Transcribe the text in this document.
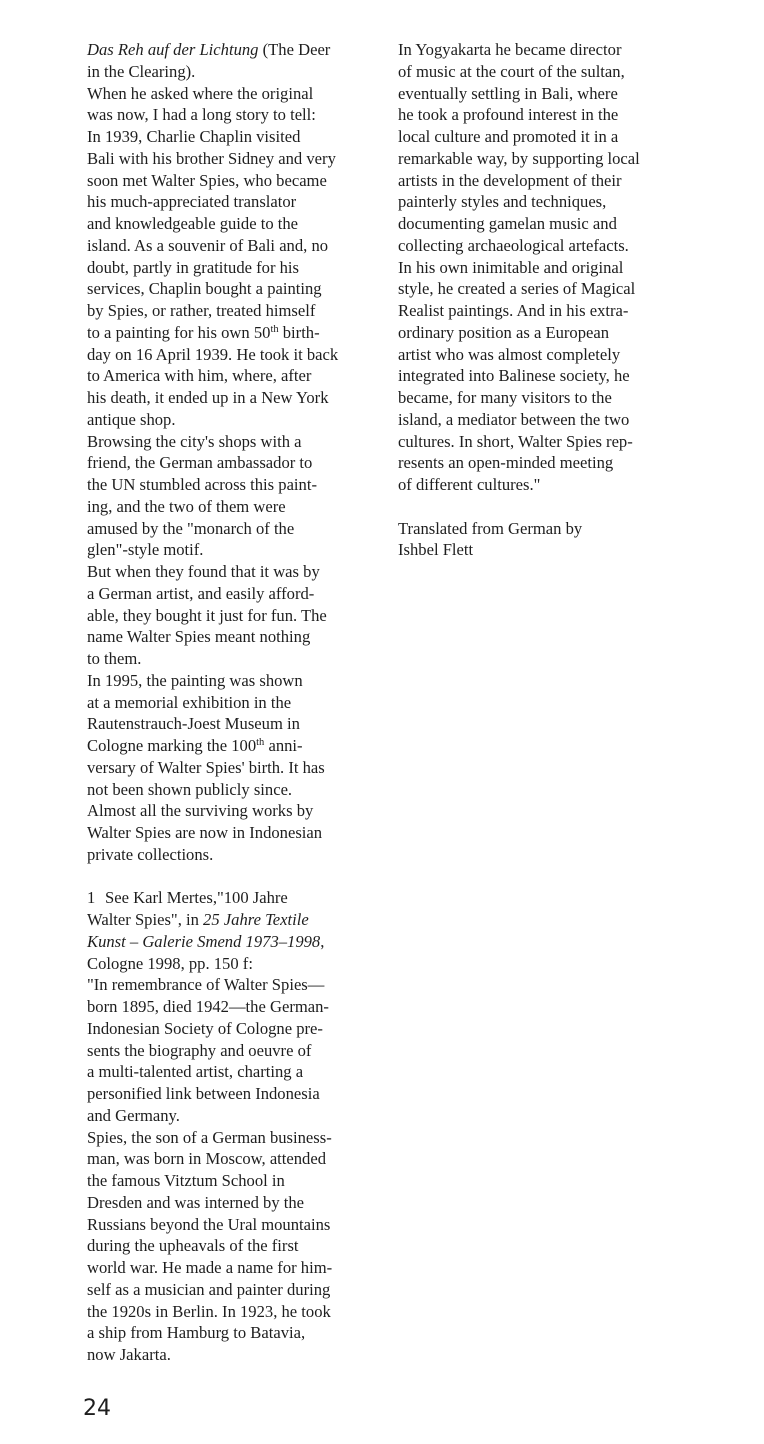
Das Reh auf der Lichtung (The Deer
in the Clearing).
When he asked where the original
was now, I had a long story to tell:
In 1939, Charlie Chaplin visited
Bali with his brother Sidney and very
soon met Walter Spies, who became
his much-appreciated translator
and knowledgeable guide to the
island. As a souvenir of Bali and, no
doubt, partly in gratitude for his
services, Chaplin bought a painting
by Spies, or rather, treated himself
to a painting for his own 50th birth-
day on 16 April 1939. He took it back
to America with him, where, after
his death, it ended up in a New York
antique shop.
Browsing the city's shops with a
friend, the German ambassador to
the UN stumbled across this paint-
ing, and the two of them were
amused by the "monarch of the
glen"-style motif.
But when they found that it was by
a German artist, and easily afford-
able, they bought it just for fun. The
name Walter Spies meant nothing
to them.
In 1995, the painting was shown
at a memorial exhibition in the
Rautenstrauch-Joest Museum in
Cologne marking the 100th anni-
versary of Walter Spies' birth. It has
not been shown publicly since.
Almost all the surviving works by
Walter Spies are now in Indonesian
private collections.
1 See Karl Mertes,"100 Jahre
Walter Spies", in 25 Jahre Textile
Kunst – Galerie Smend 1973–1998,
Cologne 1998, pp. 150 f:
"In remembrance of Walter Spies—
born 1895, died 1942—the German-
Indonesian Society of Cologne pre-
sents the biography and oeuvre of
a multi-talented artist, charting a
personified link between Indonesia
and Germany.
Spies, the son of a German business-
man, was born in Moscow, attended
the famous Vitztum School in
Dresden and was interned by the
Russians beyond the Ural mountains
during the upheavals of the first
world war. He made a name for him-
self as a musician and painter during
the 1920s in Berlin. In 1923, he took
a ship from Hamburg to Batavia,
now Jakarta.
In Yogyakarta he became director
of music at the court of the sultan,
eventually settling in Bali, where
he took a profound interest in the
local culture and promoted it in a
remarkable way, by supporting local
artists in the development of their
painterly styles and techniques,
documenting gamelan music and
collecting archaeological artefacts.
In his own inimitable and original
style, he created a series of Magical
Realist paintings. And in his extra-
ordinary position as a European
artist who was almost completely
integrated into Balinese society, he
became, for many visitors to the
island, a mediator between the two
cultures. In short, Walter Spies rep-
resents an open-minded meeting
of different cultures."
Translated from German by
Ishbel Flett
24
